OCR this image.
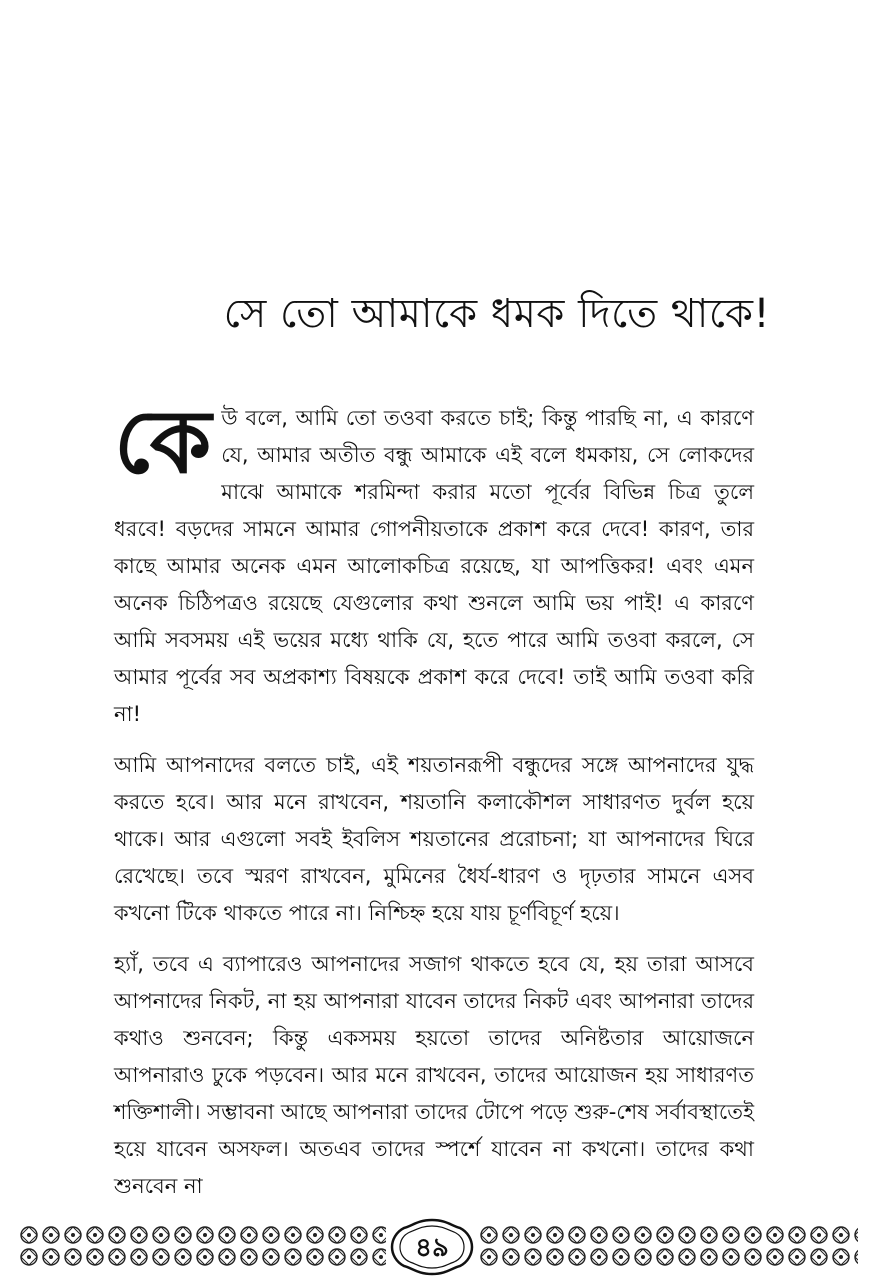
সে তো আমাকে ধমক দিতে থাকে!

কেউ বলে, আমি তো তওবা করতে চাই; কিন্তু পারছি না, এ কারণে যে, আমার অতীত বন্ধু আমাকে এই বলে ধমকায়, সে লোকদের মাঝে আমাকে শরমিন্দা করার মতো পূর্বের বিভিন্ন চিত্র তুলে ধরবে! বড়দের সামনে আমার গোপনীয়তাকে প্রকাশ করে দেবে! কারণ, তার কাছে আমার অনেক এমন আলোকচিত্র রয়েছে, যা আপত্তিকর! এবং এমন অনেক চিঠিপত্রও রয়েছে যেগুলোর কথা শুনলে আমি ভয় পাই! এ কারণে আমি সবসময় এই ভয়ের মধ্যে থাকি যে, হতে পারে আমি তওবা করলে, সে আমার পূর্বের সব অপ্রকাশ্য বিষয়কে প্রকাশ করে দেবে! তাই আমি তওবা করি না!

আমি আপনাদের বলতে চাই, এই শয়তানরূপী বন্ধুদের সঙ্গে আপনাদের যুদ্ধ করতে হবে। আর মনে রাখবেন, শয়তানি কলাকৌশল সাধারণত দুর্বল হয়ে থাকে। আর এগুলো সবই ইবলিস শয়তানের প্ররোচনা; যা আপনাদের ঘিরে রেখেছে। তবে স্মরণ রাখবেন, মুমিনের ধৈর্য-ধারণ ও দৃঢ়তার সামনে এসব কখনো টিকে থাকতে পারে না। নিশ্চিহ্ন হয়ে যায় চূর্ণবিচূর্ণ হয়ে।

হ্যাঁ, তবে এ ব্যাপারেও আপনাদের সজাগ থাকতে হবে যে, হয় তারা আসবে আপনাদের নিকট, না হয় আপনারা যাবেন তাদের নিকট এবং আপনারা তাদের কথাও শুনবেন; কিন্তু একসময় হয়তো তাদের অনিষ্টতার আয়োজনে আপনারাও ঢুকে পড়বেন। আর মনে রাখবেন, তাদের আয়োজন হয় সাধারণত শক্তিশালী। সম্ভাবনা আছে আপনারা তাদের টোপে পড়ে শুরু-শেষ সর্বাবস্থাতেই হয়ে যাবেন অসফল। অতএব তাদের স্পর্শে যাবেন না কখনো। তাদের কথা শুনবেন না

৪৯
